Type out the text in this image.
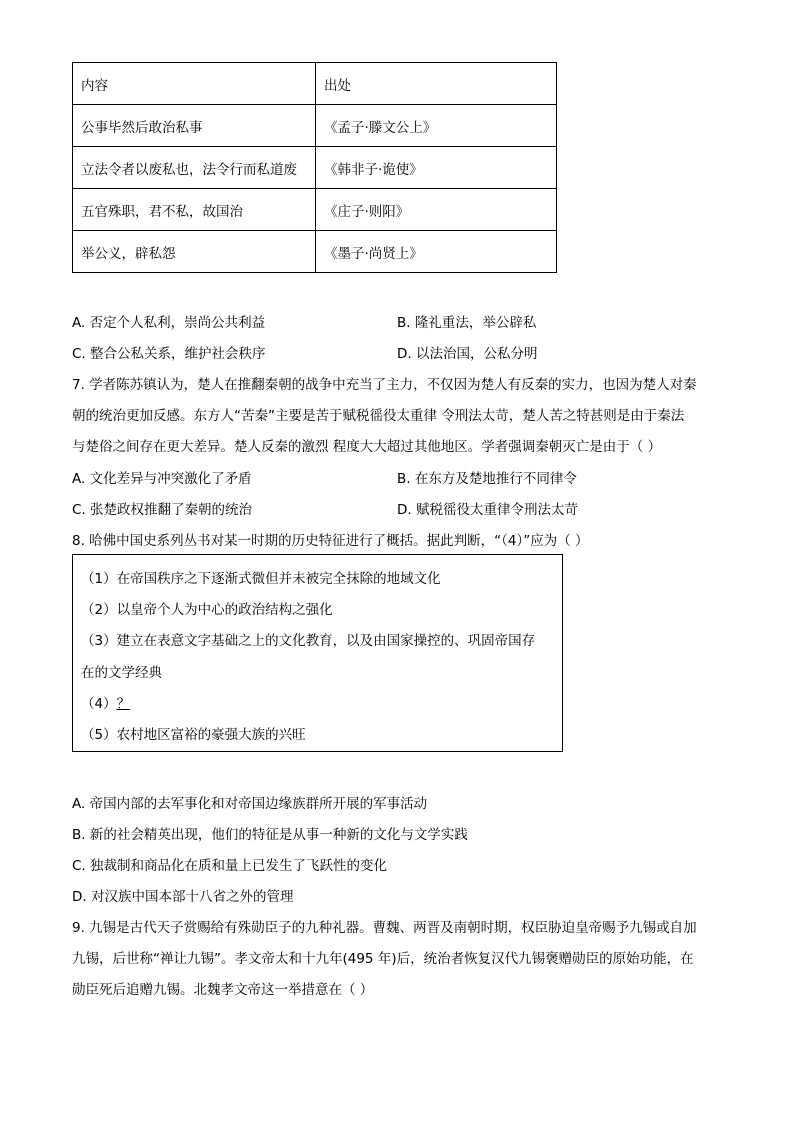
内容	出处
公事毕然后敢治私事	《孟子·滕文公上》
立法令者以废私也，法令行而私道废	《韩非子·诡使》
五官殊职，君不私，故国治	《庄子·则阳》
举公义，辟私怨	《墨子·尚贤上》
A. 否定个人私利，崇尚公共利益	B. 隆礼重法，举公辟私
C. 整合公私关系，维护社会秩序	D. 以法治国，公私分明
7. 学者陈苏镇认为，楚人在推翻秦朝的战争中充当了主力，不仅因为楚人有反秦的实力，也因为楚人对秦
朝的统治更加反感。东方人“苦秦”主要是苦于赋税徭役太重律 令刑法太苛，楚人苦之特甚则是由于秦法
与楚俗之间存在更大差异。楚人反秦的激烈 程度大大超过其他地区。学者强调秦朝灭亡是由于（ ）
A. 文化差异与冲突激化了矛盾	B. 在东方及楚地推行不同律令
C. 张楚政权推翻了秦朝的统治	D. 赋税徭役太重律令刑法太苛
8. 哈佛中国史系列丛书对某一时期的历史特征进行了概括。据此判断，“（4）”应为（ ）
（1）在帝国秩序之下逐渐式微但并未被完全抹除的地域文化
（2）以皇帝个人为中心的政治结构之强化
（3）建立在表意文字基础之上的文化教育，以及由国家操控的、巩固帝国存
在的文学经典
（4）？
（5）农村地区富裕的豪强大族的兴旺
A. 帝国内部的去军事化和对帝国边缘族群所开展的军事活动
B. 新的社会精英出现，他们的特征是从事一种新的文化与文学实践
C. 独裁制和商品化在质和量上已发生了飞跃性的变化
D. 对汉族中国本部十八省之外的管理
9. 九锡是古代天子赏赐给有殊勋臣子的九种礼器。曹魏、两晋及南朝时期，权臣胁迫皇帝赐予九锡或自加
九锡，后世称“禅让九锡”。孝文帝太和十九年(495 年)后，统治者恢复汉代九锡褒赠勋臣的原始功能，在
勋臣死后追赠九锡。北魏孝文帝这一举措意在（ ）
